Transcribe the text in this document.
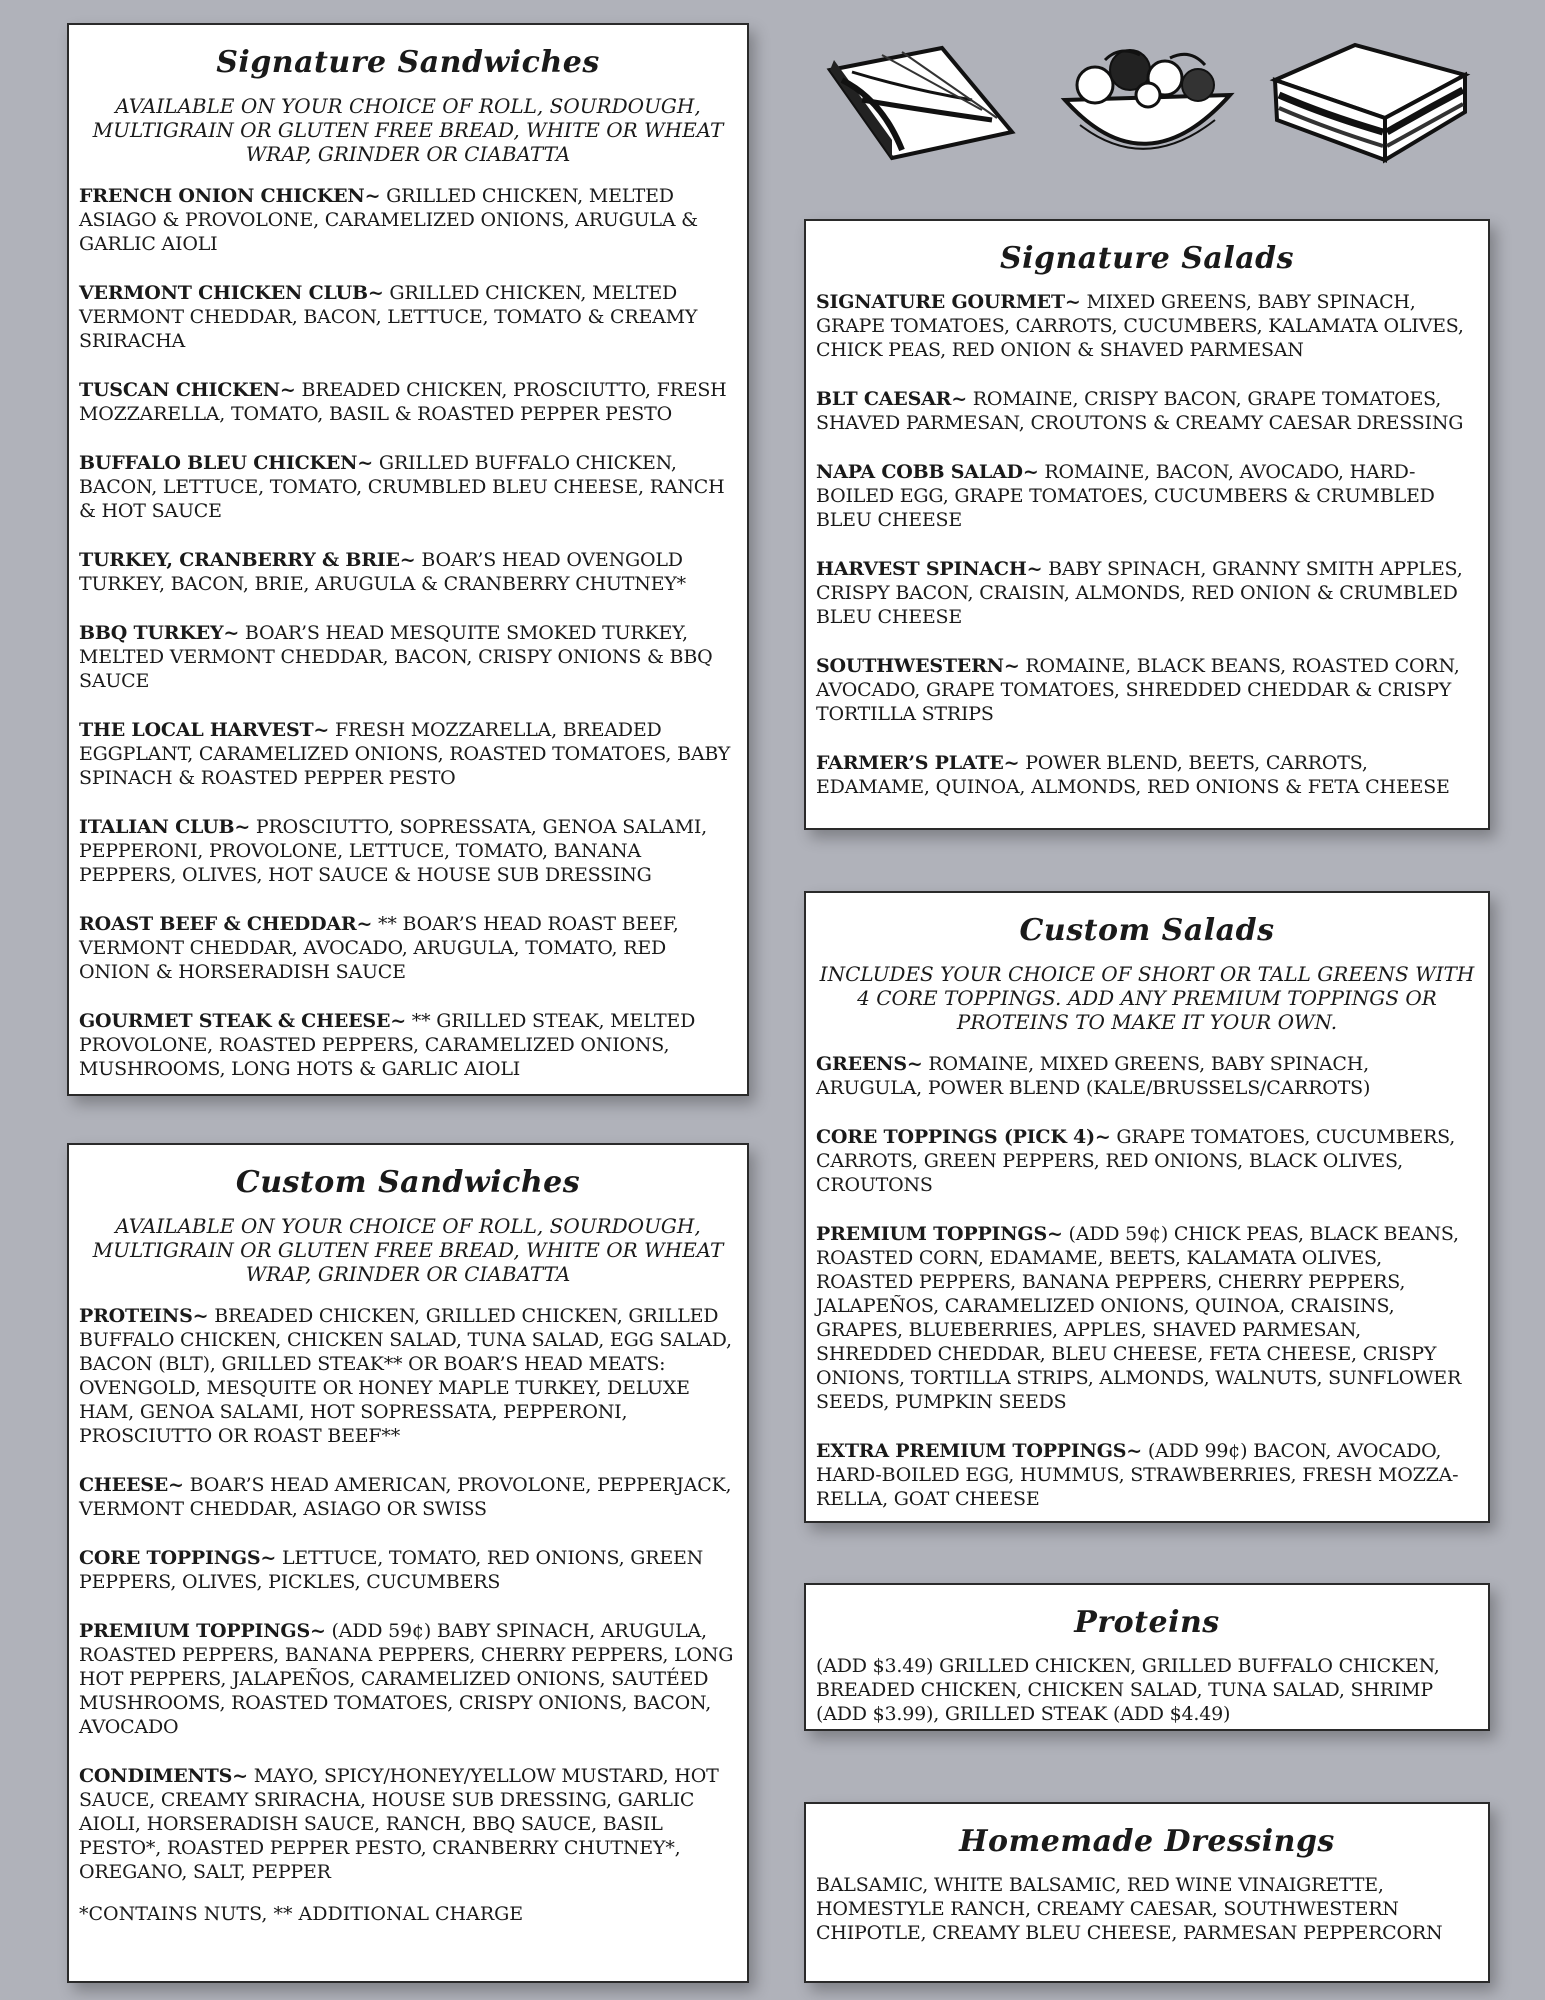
Signature Sandwiches
AVAILABLE ON YOUR CHOICE OF ROLL, SOURDOUGH, MULTIGRAIN OR GLUTEN FREE BREAD, WHITE OR WHEAT WRAP, GRINDER OR CIABATTA
FRENCH ONION CHICKEN~ GRILLED CHICKEN, MELTED ASIAGO & PROVOLONE, CARAMELIZED ONIONS, ARUGULA & GARLIC AIOLI
VERMONT CHICKEN CLUB~ GRILLED CHICKEN, MELTED VERMONT CHEDDAR, BACON, LETTUCE, TOMATO & CREAMY SRIRACHA
TUSCAN CHICKEN~ BREADED CHICKEN, PROSCIUTTO, FRESH MOZZARELLA, TOMATO, BASIL & ROASTED PEPPER PESTO
BUFFALO BLEU CHICKEN~ GRILLED BUFFALO CHICKEN, BACON, LETTUCE, TOMATO, CRUMBLED BLEU CHEESE, RANCH & HOT SAUCE
TURKEY, CRANBERRY & BRIE~ BOAR’S HEAD OVENGOLD TURKEY, BACON, BRIE, ARUGULA & CRANBERRY CHUTNEY*
BBQ TURKEY~ BOAR’S HEAD MESQUITE SMOKED TURKEY, MELTED VERMONT CHEDDAR, BACON, CRISPY ONIONS & BBQ SAUCE
THE LOCAL HARVEST~ FRESH MOZZARELLA, BREADED EGGPLANT, CARAMELIZED ONIONS, ROASTED TOMATOES, BABY SPINACH & ROASTED PEPPER PESTO
ITALIAN CLUB~ PROSCIUTTO, SOPRESSATA, GENOA SALAMI, PEPPERONI, PROVOLONE, LETTUCE, TOMATO, BANANA PEPPERS, OLIVES, HOT SAUCE & HOUSE SUB DRESSING
ROAST BEEF & CHEDDAR~ ** BOAR’S HEAD ROAST BEEF, VERMONT CHEDDAR, AVOCADO, ARUGULA, TOMATO, RED ONION & HORSERADISH SAUCE
GOURMET STEAK & CHEESE~ ** GRILLED STEAK, MELTED PROVOLONE, ROASTED PEPPERS, CARAMELIZED ONIONS, MUSHROOMS, LONG HOTS & GARLIC AIOLI
Custom Sandwiches
AVAILABLE ON YOUR CHOICE OF ROLL, SOURDOUGH, MULTIGRAIN OR GLUTEN FREE BREAD, WHITE OR WHEAT WRAP, GRINDER OR CIABATTA
PROTEINS~ BREADED CHICKEN, GRILLED CHICKEN, GRILLED BUFFALO CHICKEN, CHICKEN SALAD, TUNA SALAD, EGG SALAD, BACON (BLT), GRILLED STEAK** OR BOAR’S HEAD MEATS: OVENGOLD, MESQUITE OR HONEY MAPLE TURKEY, DELUXE HAM, GENOA SALAMI, HOT SOPRESSATA, PEPPERONI, PROSCIUTTO OR ROAST BEEF**
CHEESE~ BOAR’S HEAD AMERICAN, PROVOLONE, PEPPERJACK, VERMONT CHEDDAR, ASIAGO OR SWISS
CORE TOPPINGS~ LETTUCE, TOMATO, RED ONIONS, GREEN PEPPERS, OLIVES, PICKLES, CUCUMBERS
PREMIUM TOPPINGS~ (ADD 59¢) BABY SPINACH, ARUGULA, ROASTED PEPPERS, BANANA PEPPERS, CHERRY PEPPERS, LONG HOT PEPPERS, JALAPEÑOS, CARAMELIZED ONIONS, SAUTÉED MUSHROOMS, ROASTED TOMATOES, CRISPY ONIONS, BACON, AVOCADO
CONDIMENTS~ MAYO, SPICY/HONEY/YELLOW MUSTARD, HOT SAUCE, CREAMY SRIRACHA, HOUSE SUB DRESSING, GARLIC AIOLI, HORSERADISH SAUCE, RANCH, BBQ SAUCE, BASIL PESTO*, ROASTED PEPPER PESTO, CRANBERRY CHUTNEY*, OREGANO, SALT, PEPPER
*CONTAINS NUTS, ** ADDITIONAL CHARGE
Signature Salads
SIGNATURE GOURMET~ MIXED GREENS, BABY SPINACH, GRAPE TOMATOES, CARROTS, CUCUMBERS, KALAMATA OLIVES, CHICK PEAS, RED ONION & SHAVED PARMESAN
BLT CAESAR~ ROMAINE, CRISPY BACON, GRAPE TOMATOES, SHAVED PARMESAN, CROUTONS & CREAMY CAESAR DRESSING
NAPA COBB SALAD~ ROMAINE, BACON, AVOCADO, HARD-BOILED EGG, GRAPE TOMATOES, CUCUMBERS & CRUMBLED BLEU CHEESE
HARVEST SPINACH~ BABY SPINACH, GRANNY SMITH APPLES, CRISPY BACON, CRAISIN, ALMONDS, RED ONION & CRUMBLED BLEU CHEESE
SOUTHWESTERN~ ROMAINE, BLACK BEANS, ROASTED CORN, AVOCADO, GRAPE TOMATOES, SHREDDED CHEDDAR & CRISPY TORTILLA STRIPS
FARMER’S PLATE~ POWER BLEND, BEETS, CARROTS, EDAMAME, QUINOA, ALMONDS, RED ONIONS & FETA CHEESE
Custom Salads
INCLUDES YOUR CHOICE OF SHORT OR TALL GREENS WITH 4 CORE TOPPINGS. ADD ANY PREMIUM TOPPINGS OR PROTEINS TO MAKE IT YOUR OWN.
GREENS~ ROMAINE, MIXED GREENS, BABY SPINACH, ARUGULA, POWER BLEND (KALE/BRUSSELS/CARROTS)
CORE TOPPINGS (PICK 4)~ GRAPE TOMATOES, CUCUMBERS, CARROTS, GREEN PEPPERS, RED ONIONS, BLACK OLIVES, CROUTONS
PREMIUM TOPPINGS~ (ADD 59¢) CHICK PEAS, BLACK BEANS, ROASTED CORN, EDAMAME, BEETS, KALAMATA OLIVES, ROASTED PEPPERS, BANANA PEPPERS, CHERRY PEPPERS, JALAPEÑOS, CARAMELIZED ONIONS, QUINOA, CRAISINS, GRAPES, BLUEBERRIES, APPLES, SHAVED PARMESAN, SHREDDED CHEDDAR, BLEU CHEESE, FETA CHEESE, CRISPY ONIONS, TORTILLA STRIPS, ALMONDS, WALNUTS, SUNFLOWER SEEDS, PUMPKIN SEEDS
EXTRA PREMIUM TOPPINGS~ (ADD 99¢) BACON, AVOCADO, HARD-BOILED EGG, HUMMUS, STRAWBERRIES, FRESH MOZZA-RELLA, GOAT CHEESE
Proteins
(ADD $3.49) GRILLED CHICKEN, GRILLED BUFFALO CHICKEN, BREADED CHICKEN, CHICKEN SALAD, TUNA SALAD, SHRIMP (ADD $3.99), GRILLED STEAK (ADD $4.49)
Homemade Dressings
BALSAMIC, WHITE BALSAMIC, RED WINE VINAIGRETTE, HOMESTYLE RANCH, CREAMY CAESAR, SOUTHWESTERN CHIPOTLE, CREAMY BLEU CHEESE, PARMESAN PEPPERCORN
